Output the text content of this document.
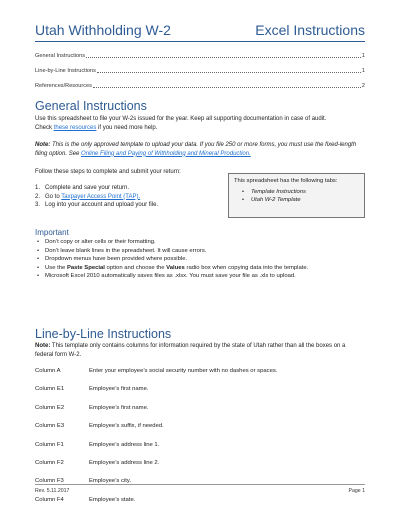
Utah Withholding W-2	Excel Instructions
General Instructions	1
Line-by-Line Instructions	1
References/Resources	2
General Instructions
Use this spreadsheet to file your W-2s issued for the year. Keep all supporting documentation in case of audit.
Check these resources if you need more help.
Note: This is the only approved template to upload your data. If you file 250 or more forms, you must use the fixed-length filing option. See Online Filing and Paying of Withholding and Mineral Production.
Follow these steps to complete and submit your return:
1. Complete and save your return.
2. Go to Taxpayer Access Point (TAP).
3. Log into your account and upload your file.
This spreadsheet has the following tabs:
•	Template Instructions
•	Utah W-2 Template
Important
•	Don’t copy or alter cells or their formatting.
•	Don’t leave blank lines in the spreadsheet. It will cause errors.
•	Dropdown menus have been provided where possible.
•	Use the Paste Special option and choose the Values radio box when copying data into the template.
•	Microsoft Excel 2010 automatically saves files as .xlsx. You must save your file as .xls to upload.
Line-by-Line Instructions
Note: This template only contains columns for information required by the state of Utah rather than all the boxes on a federal form W-2.
Column A	Enter your employee’s social security number with no dashes or spaces.
Column E1	Employee’s first name.
Column E2	Employee’s first name.
Column E3	Employee’s suffix, if needed.
Column F1	Employee’s address line 1.
Column F2	Employee’s address line 2.
Column F3	Employee’s city.
Column F4	Employee’s state.
Rev. 5.11.2017	Page 1
